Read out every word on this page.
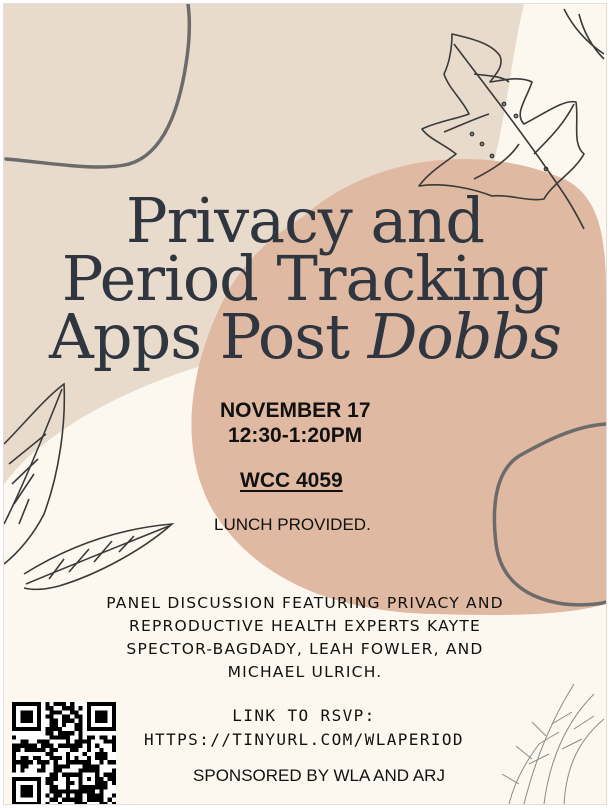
Privacy and
Period Tracking
Apps Post Dobbs
NOVEMBER 17
12:30-1:20PM
WCC 4059
LUNCH PROVIDED.
PANEL DISCUSSION FEATURING PRIVACY AND
REPRODUCTIVE HEALTH EXPERTS KAYTE
SPECTOR-BAGDADY, LEAH FOWLER, AND
MICHAEL ULRICH.
LINK TO RSVP:
HTTPS://TINYURL.COM/WLAPERIOD
SPONSORED BY WLA AND ARJ
